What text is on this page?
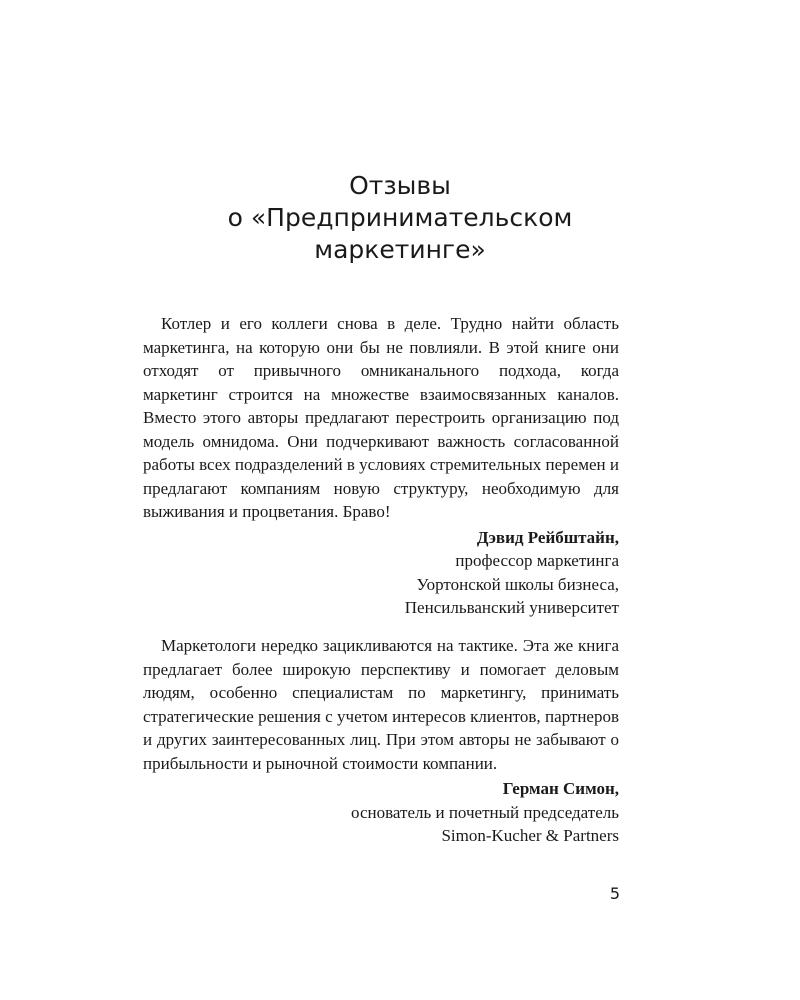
Отзывы
о «Предпринимательском
маркетинге»

Котлер и его коллеги снова в деле. Трудно найти область маркетинга, на которую они бы не повлияли. В этой книге они отходят от привычного омниканального подхода, когда маркетинг строится на множестве взаимосвязанных каналов. Вместо этого авторы предлагают перестроить организацию под модель омнидома. Они подчеркивают важность согласованной работы всех подразделений в условиях стремительных перемен и предлагают компаниям новую структуру, необходимую для выживания и процветания. Браво!

Дэвид Рейбштайн,
профессор маркетинга
Уортонской школы бизнеса,
Пенсильванский университет

Маркетологи нередко зацикливаются на тактике. Эта же книга предлагает более широкую перспективу и помогает деловым людям, особенно специалистам по маркетингу, принимать стратегические решения с учетом интересов клиентов, партнеров и других заинтересованных лиц. При этом авторы не забывают о прибыльности и рыночной стоимости компании.

Герман Симон,
основатель и почетный председатель
Simon-Kucher & Partners
5
